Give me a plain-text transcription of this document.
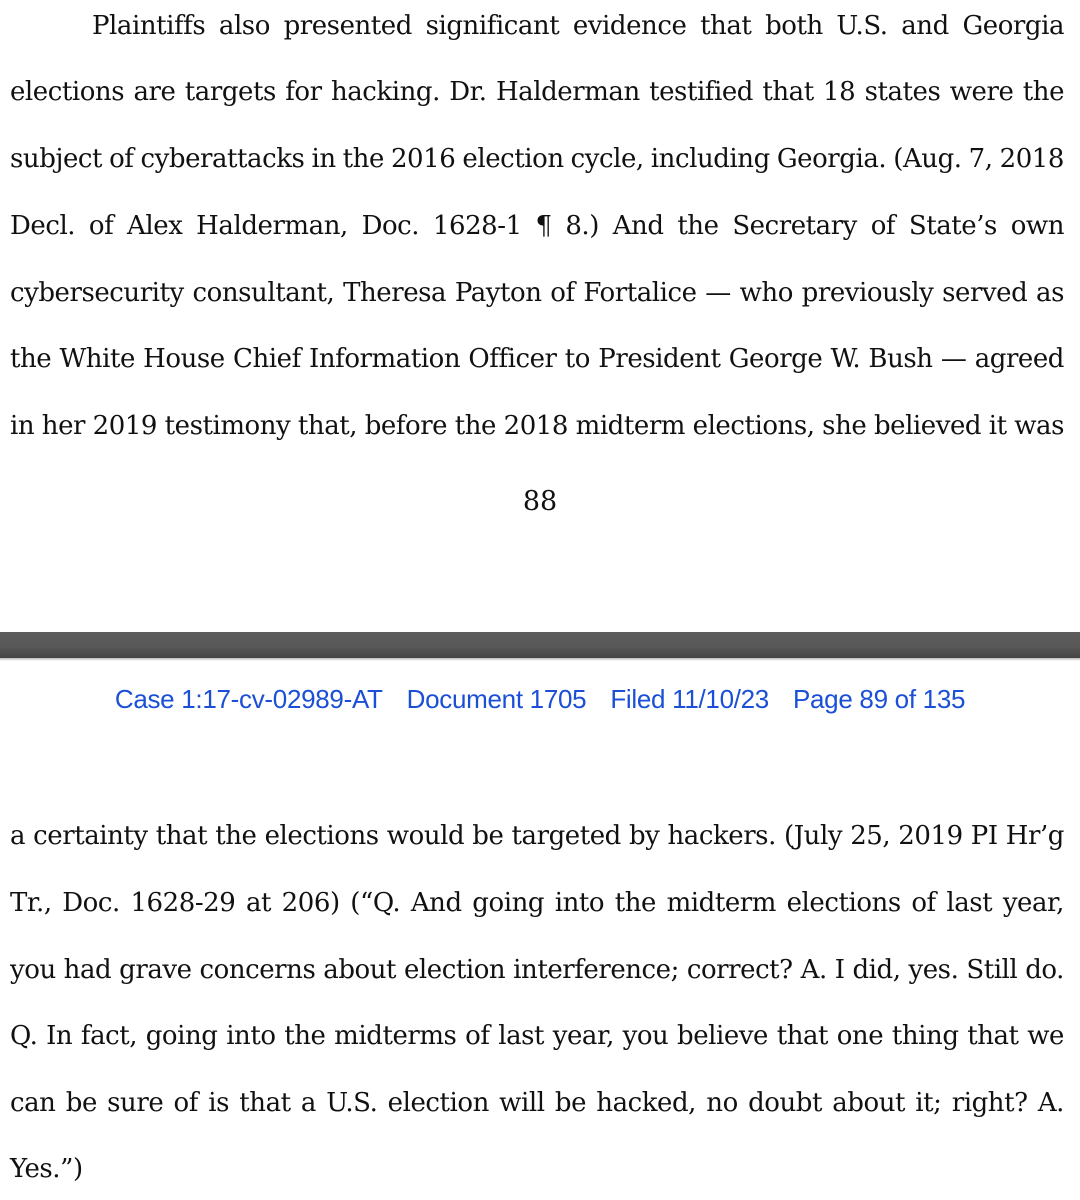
Plaintiffs also presented significant evidence that both U.S. and Georgia
elections are targets for hacking. Dr. Halderman testified that 18 states were the
subject of cyberattacks in the 2016 election cycle, including Georgia. (Aug. 7, 2018
Decl. of Alex Halderman, Doc. 1628-1 ¶ 8.) And the Secretary of State’s own
cybersecurity consultant, Theresa Payton of Fortalice — who previously served as
the White House Chief Information Officer to President George W. Bush — agreed
in her 2019 testimony that, before the 2018 midterm elections, she believed it was
88
Case 1:17-cv-02989-AT Document 1705 Filed 11/10/23 Page 89 of 135
a certainty that the elections would be targeted by hackers. (July 25, 2019 PI Hr’g
Tr., Doc. 1628-29 at 206) (“Q. And going into the midterm elections of last year,
you had grave concerns about election interference; correct? A. I did, yes. Still do.
Q. In fact, going into the midterms of last year, you believe that one thing that we
can be sure of is that a U.S. election will be hacked, no doubt about it; right? A.
Yes.”)
